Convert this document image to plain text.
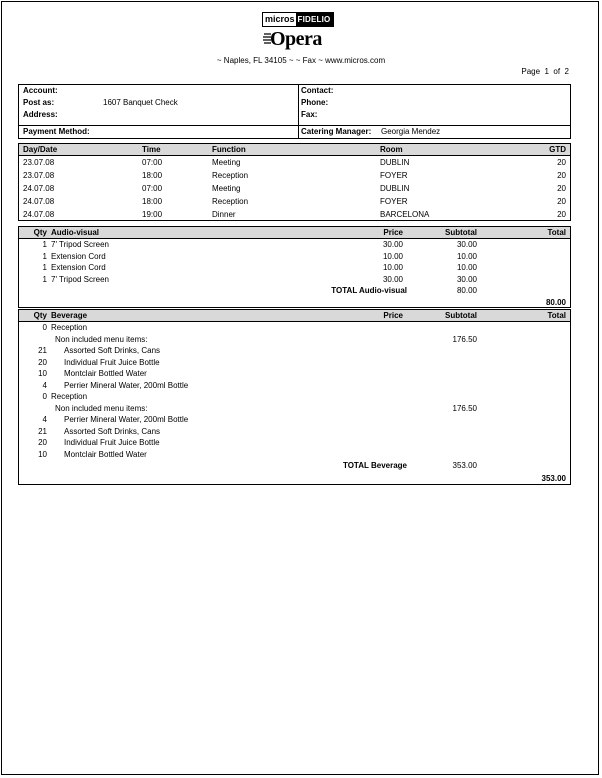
micros FIDELIO
Opera
~ Naples, FL 34105 ~ ~ Fax ~ www.micros.com
Page 1 of 2
Account:
Post as:	1607 Banquet Check
Address:
Payment Method:
Contact:
Phone:
Fax:
Catering Manager: Georgia Mendez
Day/Date	Time	Function	Room	GTD
23.07.08	07:00	Meeting	DUBLIN	20
23.07.08	18:00	Reception	FOYER	20
24.07.08	07:00	Meeting	DUBLIN	20
24.07.08	18:00	Reception	FOYER	20
24.07.08	19:00	Dinner	BARCELONA	20
Qty Audio-visual	Price	Subtotal	Total
1 7' Tripod Screen	30.00	30.00
1 Extension Cord	10.00	10.00
1 Extension Cord	10.00	10.00
1 7' Tripod Screen	30.00	30.00
TOTAL Audio-visual	80.00
80.00
Qty Beverage	Price	Subtotal	Total
0 Reception
Non included menu items:	176.50
21 Assorted Soft Drinks, Cans
20 Individual Fruit Juice Bottle
10 Montclair Bottled Water
4 Perrier Mineral Water, 200ml Bottle
0 Reception
Non included menu items:	176.50
4 Perrier Mineral Water, 200ml Bottle
21 Assorted Soft Drinks, Cans
20 Individual Fruit Juice Bottle
10 Montclair Bottled Water
TOTAL Beverage	353.00
353.00
